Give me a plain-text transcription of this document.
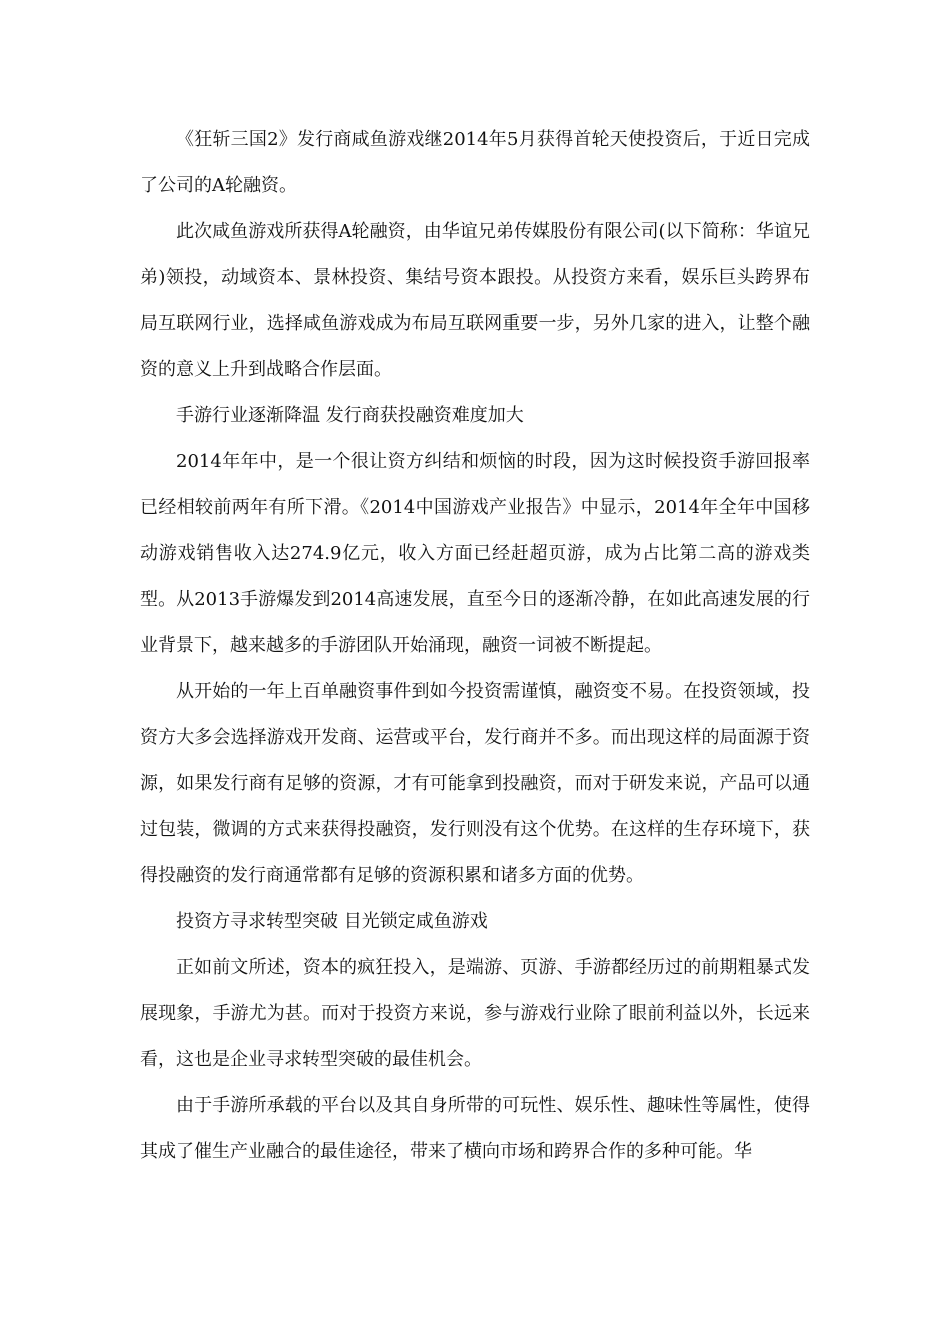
《狂斩三国2》发行商咸鱼游戏继2014年5月获得首轮天使投资后，于近日完成了公司的A轮融资。

此次咸鱼游戏所获得A轮融资，由华谊兄弟传媒股份有限公司(以下简称：华谊兄弟)领投，动域资本、景林投资、集结号资本跟投。从投资方来看，娱乐巨头跨界布局互联网行业，选择咸鱼游戏成为布局互联网重要一步，另外几家的进入，让整个融资的意义上升到战略合作层面。

手游行业逐渐降温 发行商获投融资难度加大

2014年年中，是一个很让资方纠结和烦恼的时段，因为这时候投资手游回报率已经相较前两年有所下滑。《2014中国游戏产业报告》中显示，2014年全年中国移动游戏销售收入达274.9亿元，收入方面已经赶超页游，成为占比第二高的游戏类型。从2013手游爆发到2014高速发展，直至今日的逐渐冷静，在如此高速发展的行业背景下，越来越多的手游团队开始涌现，融资一词被不断提起。

从开始的一年上百单融资事件到如今投资需谨慎，融资变不易。在投资领域，投资方大多会选择游戏开发商、运营或平台，发行商并不多。而出现这样的局面源于资源，如果发行商有足够的资源，才有可能拿到投融资，而对于研发来说，产品可以通过包装，微调的方式来获得投融资，发行则没有这个优势。在这样的生存环境下，获得投融资的发行商通常都有足够的资源积累和诸多方面的优势。

投资方寻求转型突破 目光锁定咸鱼游戏

正如前文所述，资本的疯狂投入，是端游、页游、手游都经历过的前期粗暴式发展现象，手游尤为甚。而对于投资方来说，参与游戏行业除了眼前利益以外，长远来看，这也是企业寻求转型突破的最佳机会。

由于手游所承载的平台以及其自身所带的可玩性、娱乐性、趣味性等属性，使得其成了催生产业融合的最佳途径，带来了横向市场和跨界合作的多种可能。华
